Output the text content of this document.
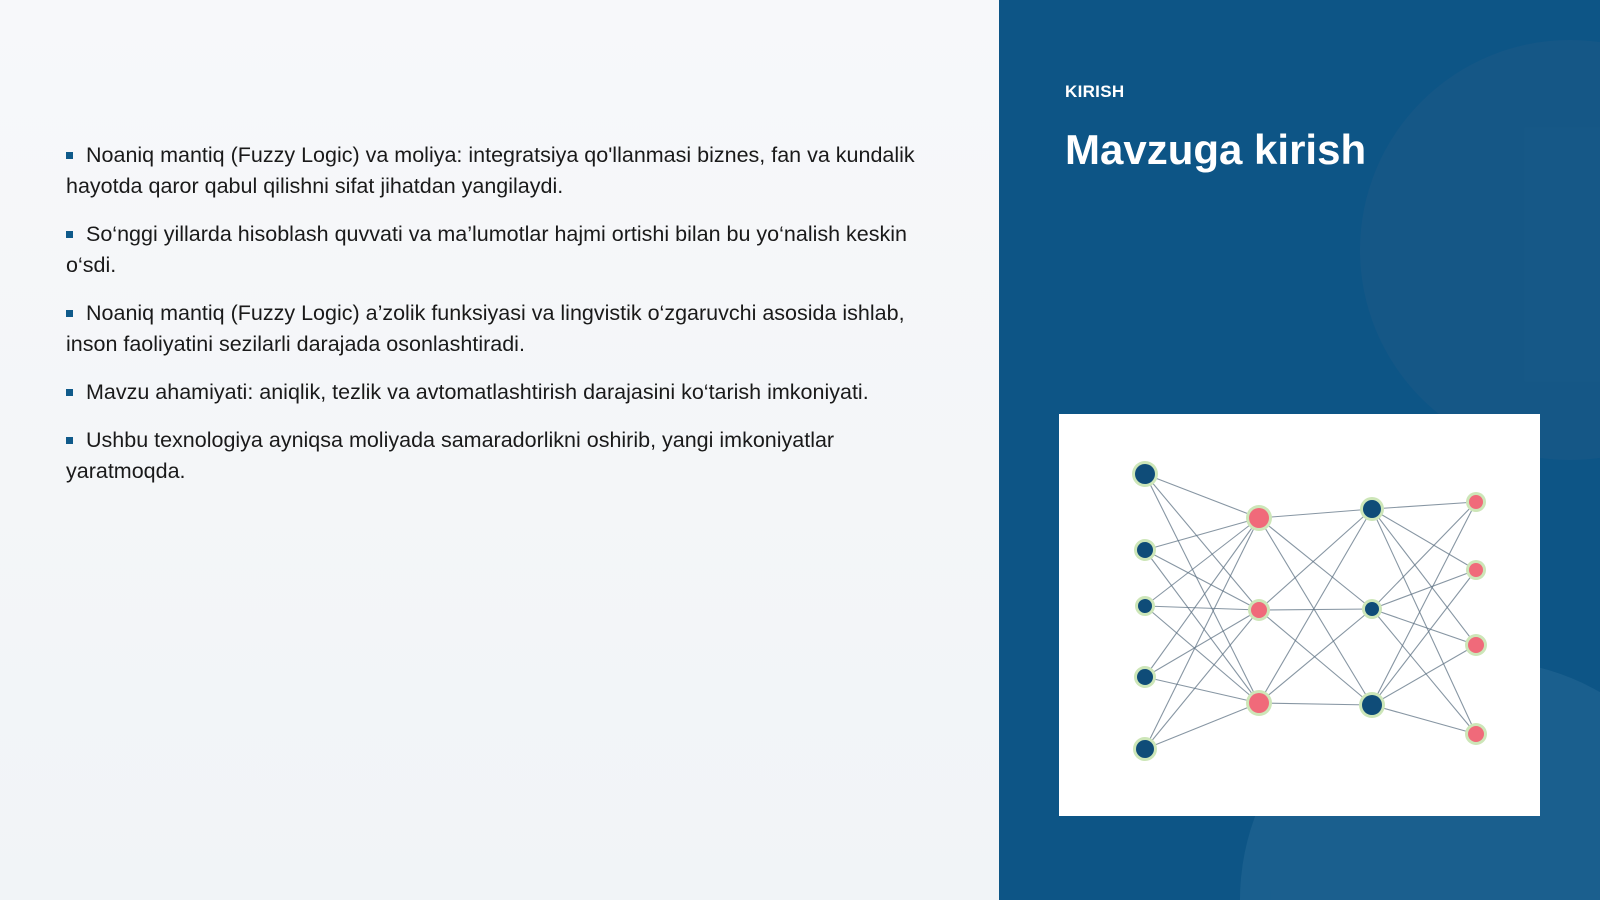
Noaniq mantiq (Fuzzy Logic) va moliya: integratsiya qo'llanmasi biznes, fan va kundalik hayotda qaror qabul qilishni sifat jihatdan yangilaydi.
So‘nggi yillarda hisoblash quvvati va ma’lumotlar hajmi ortishi bilan bu yo‘nalish keskin o‘sdi.
Noaniq mantiq (Fuzzy Logic) a’zolik funksiyasi va lingvistik o‘zgaruvchi asosida ishlab, inson faoliyatini sezilarli darajada osonlashtiradi.
Mavzu ahamiyati: aniqlik, tezlik va avtomatlashtirish darajasini ko‘tarish imkoniyati.
Ushbu texnologiya ayniqsa moliyada samaradorlikni oshirib, yangi imkoniyatlar yaratmoqda.
KIRISH
Mavzuga kirish
